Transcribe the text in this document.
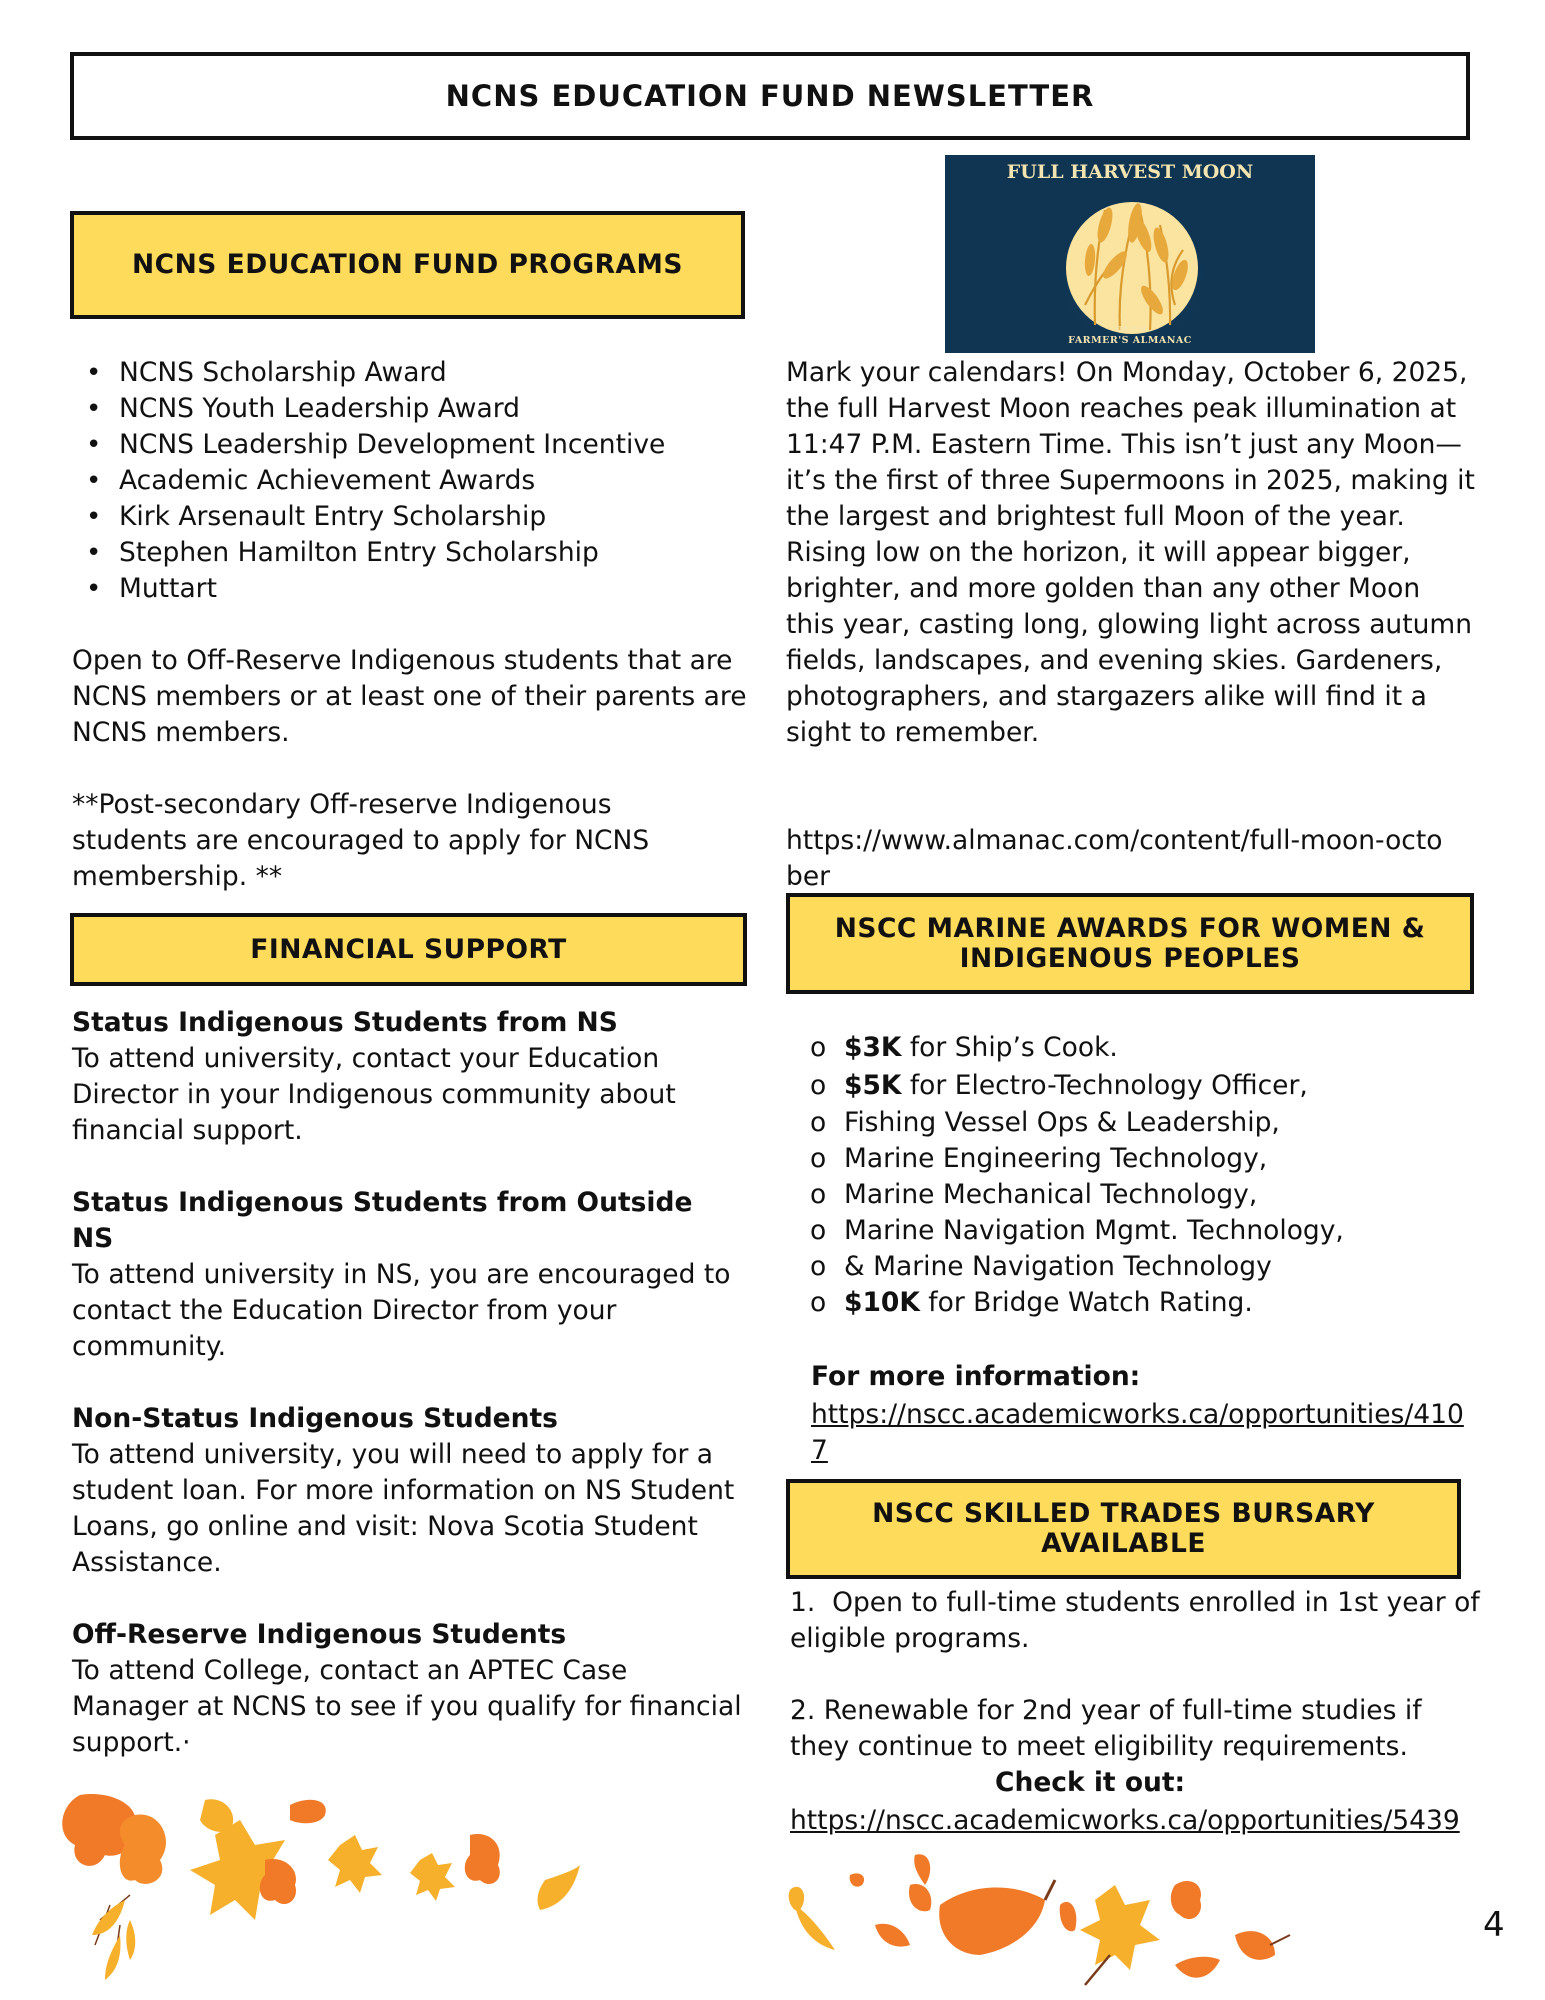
NCNS EDUCATION FUND NEWSLETTER
NCNS EDUCATION FUND PROGRAMS
• NCNS Scholarship Award
• NCNS Youth Leadership Award
• NCNS Leadership Development Incentive
• Academic Achievement Awards
• Kirk Arsenault Entry Scholarship
• Stephen Hamilton Entry Scholarship
• Muttart

Open to Off-Reserve Indigenous students that are NCNS members or at least one of their parents are NCNS members.

**Post-secondary Off-reserve Indigenous students are encouraged to apply for NCNS membership. **

FINANCIAL SUPPORT
Status Indigenous Students from NS
To attend university, contact your Education Director in your Indigenous community about financial support.
Status Indigenous Students from Outside NS
To attend university in NS, you are encouraged to contact the Education Director from your community.
Non-Status Indigenous Students
To attend university, you will need to apply for a student loan. For more information on NS Student Loans, go online and visit: Nova Scotia Student Assistance.
Off-Reserve Indigenous Students
To attend College, contact an APTEC Case Manager at NCNS to see if you qualify for financial support.·
FULL HARVEST MOON
THE OLD
FARMER'S ALMANAC

Mark your calendars! On Monday, October 6, 2025, the full Harvest Moon reaches peak illumination at 11:47 P.M. Eastern Time. This isn’t just any Moon—it’s the first of three Supermoons in 2025, making it the largest and brightest full Moon of the year. Rising low on the horizon, it will appear bigger, brighter, and more golden than any other Moon this year, casting long, glowing light across autumn fields, landscapes, and evening skies. Gardeners, photographers, and stargazers alike will find it a sight to remember.

https://www.almanac.com/content/full-moon-october
NSCC MARINE AWARDS FOR WOMEN & INDIGENOUS PEOPLES
o $3K for Ship’s Cook.
o $5K for Electro-Technology Officer,
o Fishing Vessel Ops & Leadership,
o Marine Engineering Technology,
o Marine Mechanical Technology,
o Marine Navigation Mgmt. Technology,
o & Marine Navigation Technology
o $10K for Bridge Watch Rating.
For more information:
https://nscc.academicworks.ca/opportunities/4107
NSCC SKILLED TRADES BURSARY AVAILABLE

1.  Open to full-time students enrolled in 1st year of eligible programs.

2. Renewable for 2nd year of full-time studies if they continue to meet eligibility requirements.

Check it out:
https://nscc.academicworks.ca/opportunities/5439
4
